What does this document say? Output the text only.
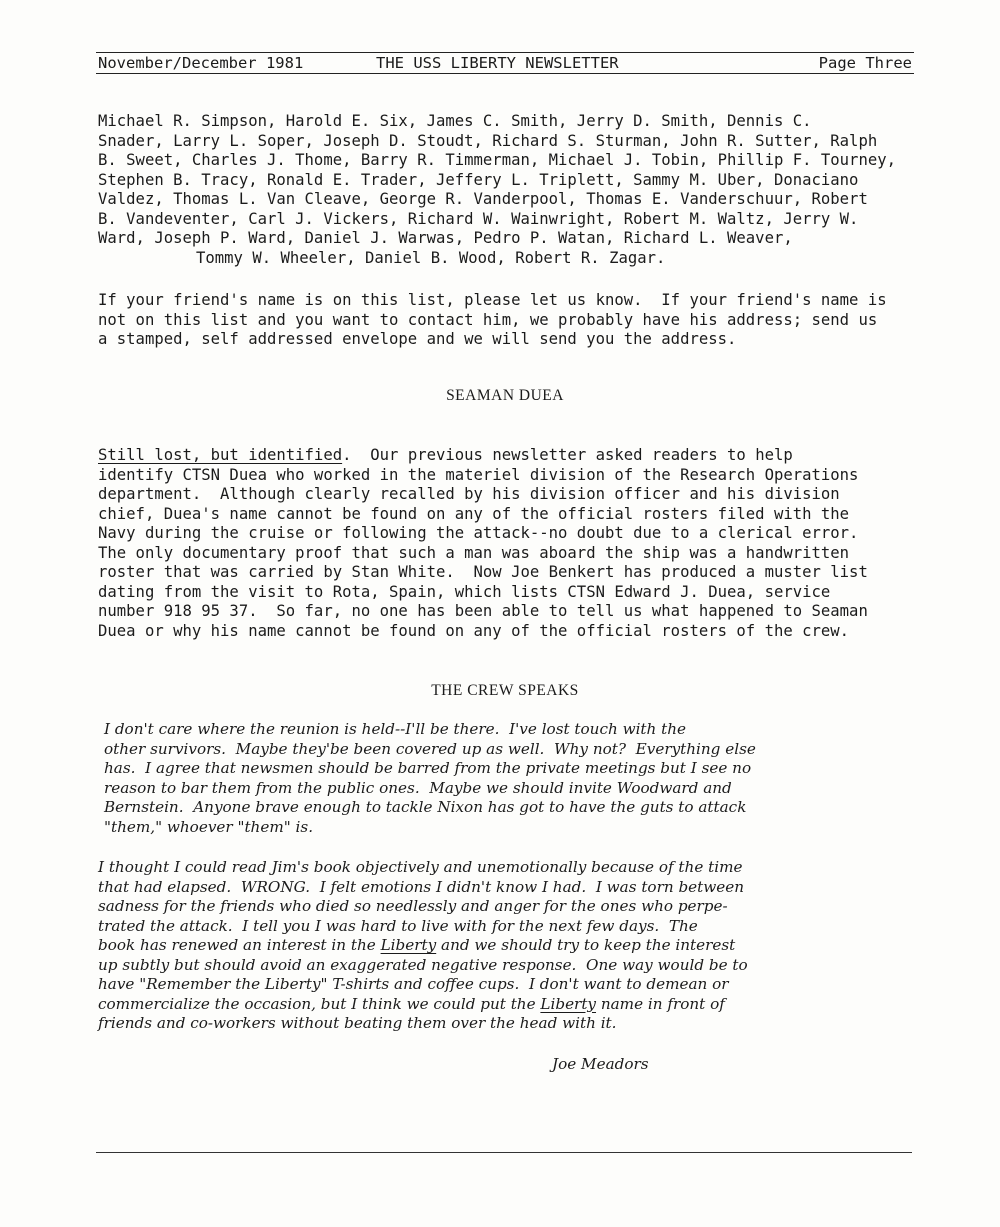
November/December 1981	THE USS LIBERTY NEWSLETTER	Page Three

Michael R. Simpson, Harold E. Six, James C. Smith, Jerry D. Smith, Dennis C.

Snader, Larry L. Soper, Joseph D. Stoudt, Richard S. Sturman, John R. Sutter, Ralph

B. Sweet, Charles J. Thome, Barry R. Timmerman, Michael J. Tobin, Phillip F. Tourney,

Stephen B. Tracy, Ronald E. Trader, Jeffery L. Triplett, Sammy M. Uber, Donaciano

Valdez, Thomas L. Van Cleave, George R. Vanderpool, Thomas E. Vanderschuur, Robert

B. Vandeventer, Carl J. Vickers, Richard W. Wainwright, Robert M. Waltz, Jerry W.

Ward, Joseph P. Ward, Daniel J. Warwas, Pedro P. Watan, Richard L. Weaver,

Tommy W. Wheeler, Daniel B. Wood, Robert R. Zagar.

If your friend's name is on this list, please let us know.  If your friend's name is

not on this list and you want to contact him, we probably have his address; send us

a stamped, self addressed envelope and we will send you the address.

SEAMAN DUEA

Still lost, but identified.  Our previous newsletter asked readers to help

identify CTSN Duea who worked in the materiel division of the Research Operations

department.  Although clearly recalled by his division officer and his division

chief, Duea's name cannot be found on any of the official rosters filed with the

Navy during the cruise or following the attack--no doubt due to a clerical error.

The only documentary proof that such a man was aboard the ship was a handwritten

roster that was carried by Stan White.  Now Joe Benkert has produced a muster list

dating from the visit to Rota, Spain, which lists CTSN Edward J. Duea, service

number 918 95 37.  So far, no one has been able to tell us what happened to Seaman

Duea or why his name cannot be found on any of the official rosters of the crew.

THE CREW SPEAKS

I don't care where the reunion is held--I'll be there.  I've lost touch with the

other survivors.  Maybe they'be been covered up as well.  Why not?  Everything else

has.  I agree that newsmen should be barred from the private meetings but I see no

reason to bar them from the public ones.  Maybe we should invite Woodward and

Bernstein.  Anyone brave enough to tackle Nixon has got to have the guts to attack

"them," whoever "them" is.

I thought I could read Jim's book objectively and unemotionally because of the time

that had elapsed.  WRONG.  I felt emotions I didn't know I had.  I was torn between

sadness for the friends who died so needlessly and anger for the ones who perpe-

trated the attack.  I tell you I was hard to live with for the next few days.  The

book has renewed an interest in the Liberty and we should try to keep the interest

up subtly but should avoid an exaggerated negative response.  One way would be to

have "Remember the Liberty" T-shirts and coffee cups.  I don't want to demean or

commercialize the occasion, but I think we could put the Liberty name in front of

friends and co-workers without beating them over the head with it.

Joe Meadors
